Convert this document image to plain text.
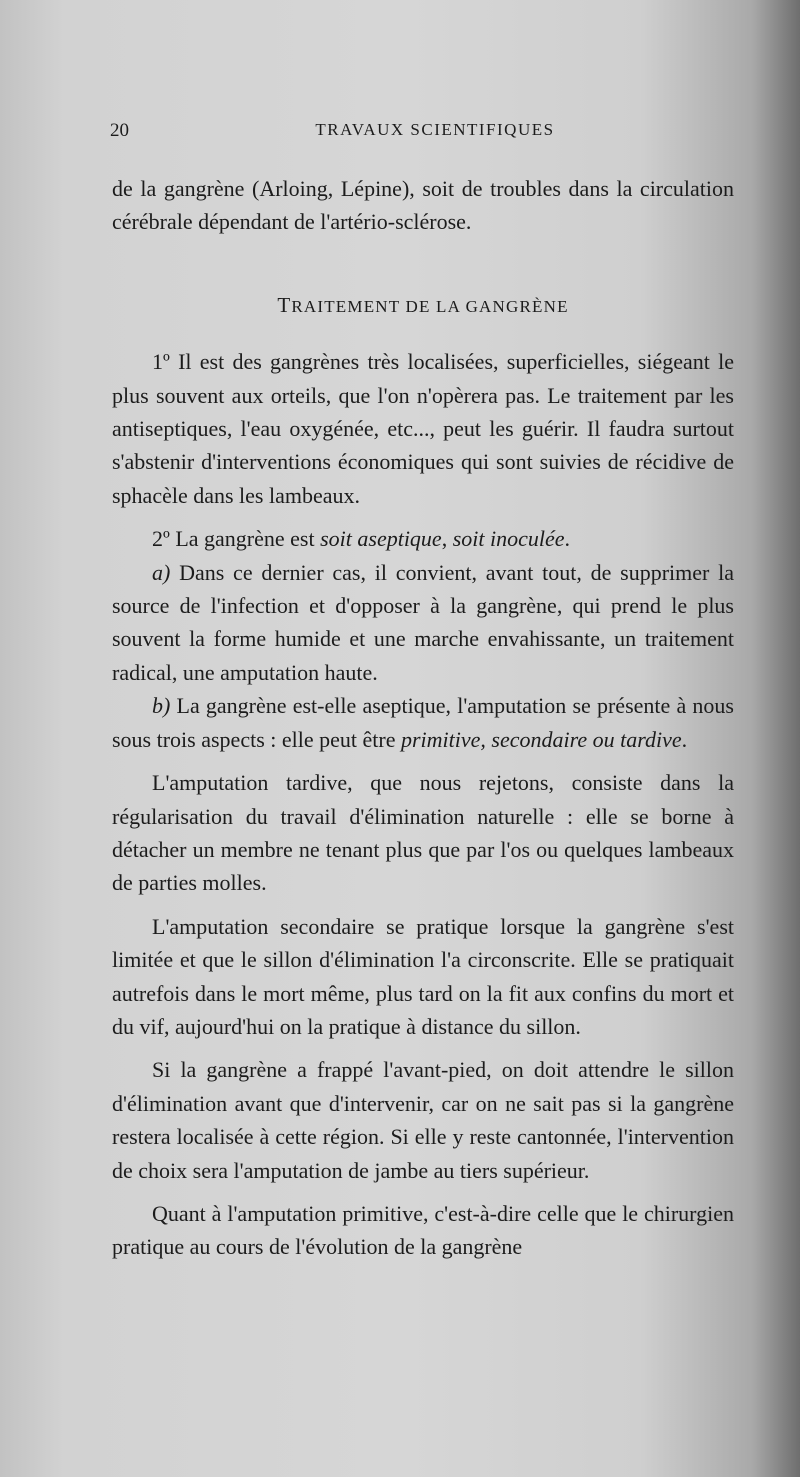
20	TRAVAUX SCIENTIFIQUES

de la gangrène (Arloing, Lépine), soit de troubles dans la circulation cérébrale dépendant de l'artério-sclérose.

TRAITEMENT DE LA GANGRÈNE

1º Il est des gangrènes très localisées, superficielles, siégeant le plus souvent aux orteils, que l'on n'opèrera pas. Le traitement par les antiseptiques, l'eau oxygénée, etc..., peut les guérir. Il faudra surtout s'abstenir d'interventions économiques qui sont suivies de récidive de sphacèle dans les lambeaux.

2º La gangrène est soit aseptique, soit inoculée.

a) Dans ce dernier cas, il convient, avant tout, de supprimer la source de l'infection et d'opposer à la gangrène, qui prend le plus souvent la forme humide et une marche envahissante, un traitement radical, une amputation haute.

b) La gangrène est-elle aseptique, l'amputation se présente à nous sous trois aspects : elle peut être primitive, secondaire ou tardive.

L'amputation tardive, que nous rejetons, consiste dans la régularisation du travail d'élimination naturelle : elle se borne à détacher un membre ne tenant plus que par l'os ou quelques lambeaux de parties molles.

L'amputation secondaire se pratique lorsque la gangrène s'est limitée et que le sillon d'élimination l'a circonscrite. Elle se pratiquait autrefois dans le mort même, plus tard on la fit aux confins du mort et du vif, aujourd'hui on la pratique à distance du sillon.

Si la gangrène a frappé l'avant-pied, on doit attendre le sillon d'élimination avant que d'intervenir, car on ne sait pas si la gangrène restera localisée à cette région. Si elle y reste cantonnée, l'intervention de choix sera l'amputation de jambe au tiers supérieur.

Quant à l'amputation primitive, c'est-à-dire celle que le chirurgien pratique au cours de l'évolution de la gangrène
